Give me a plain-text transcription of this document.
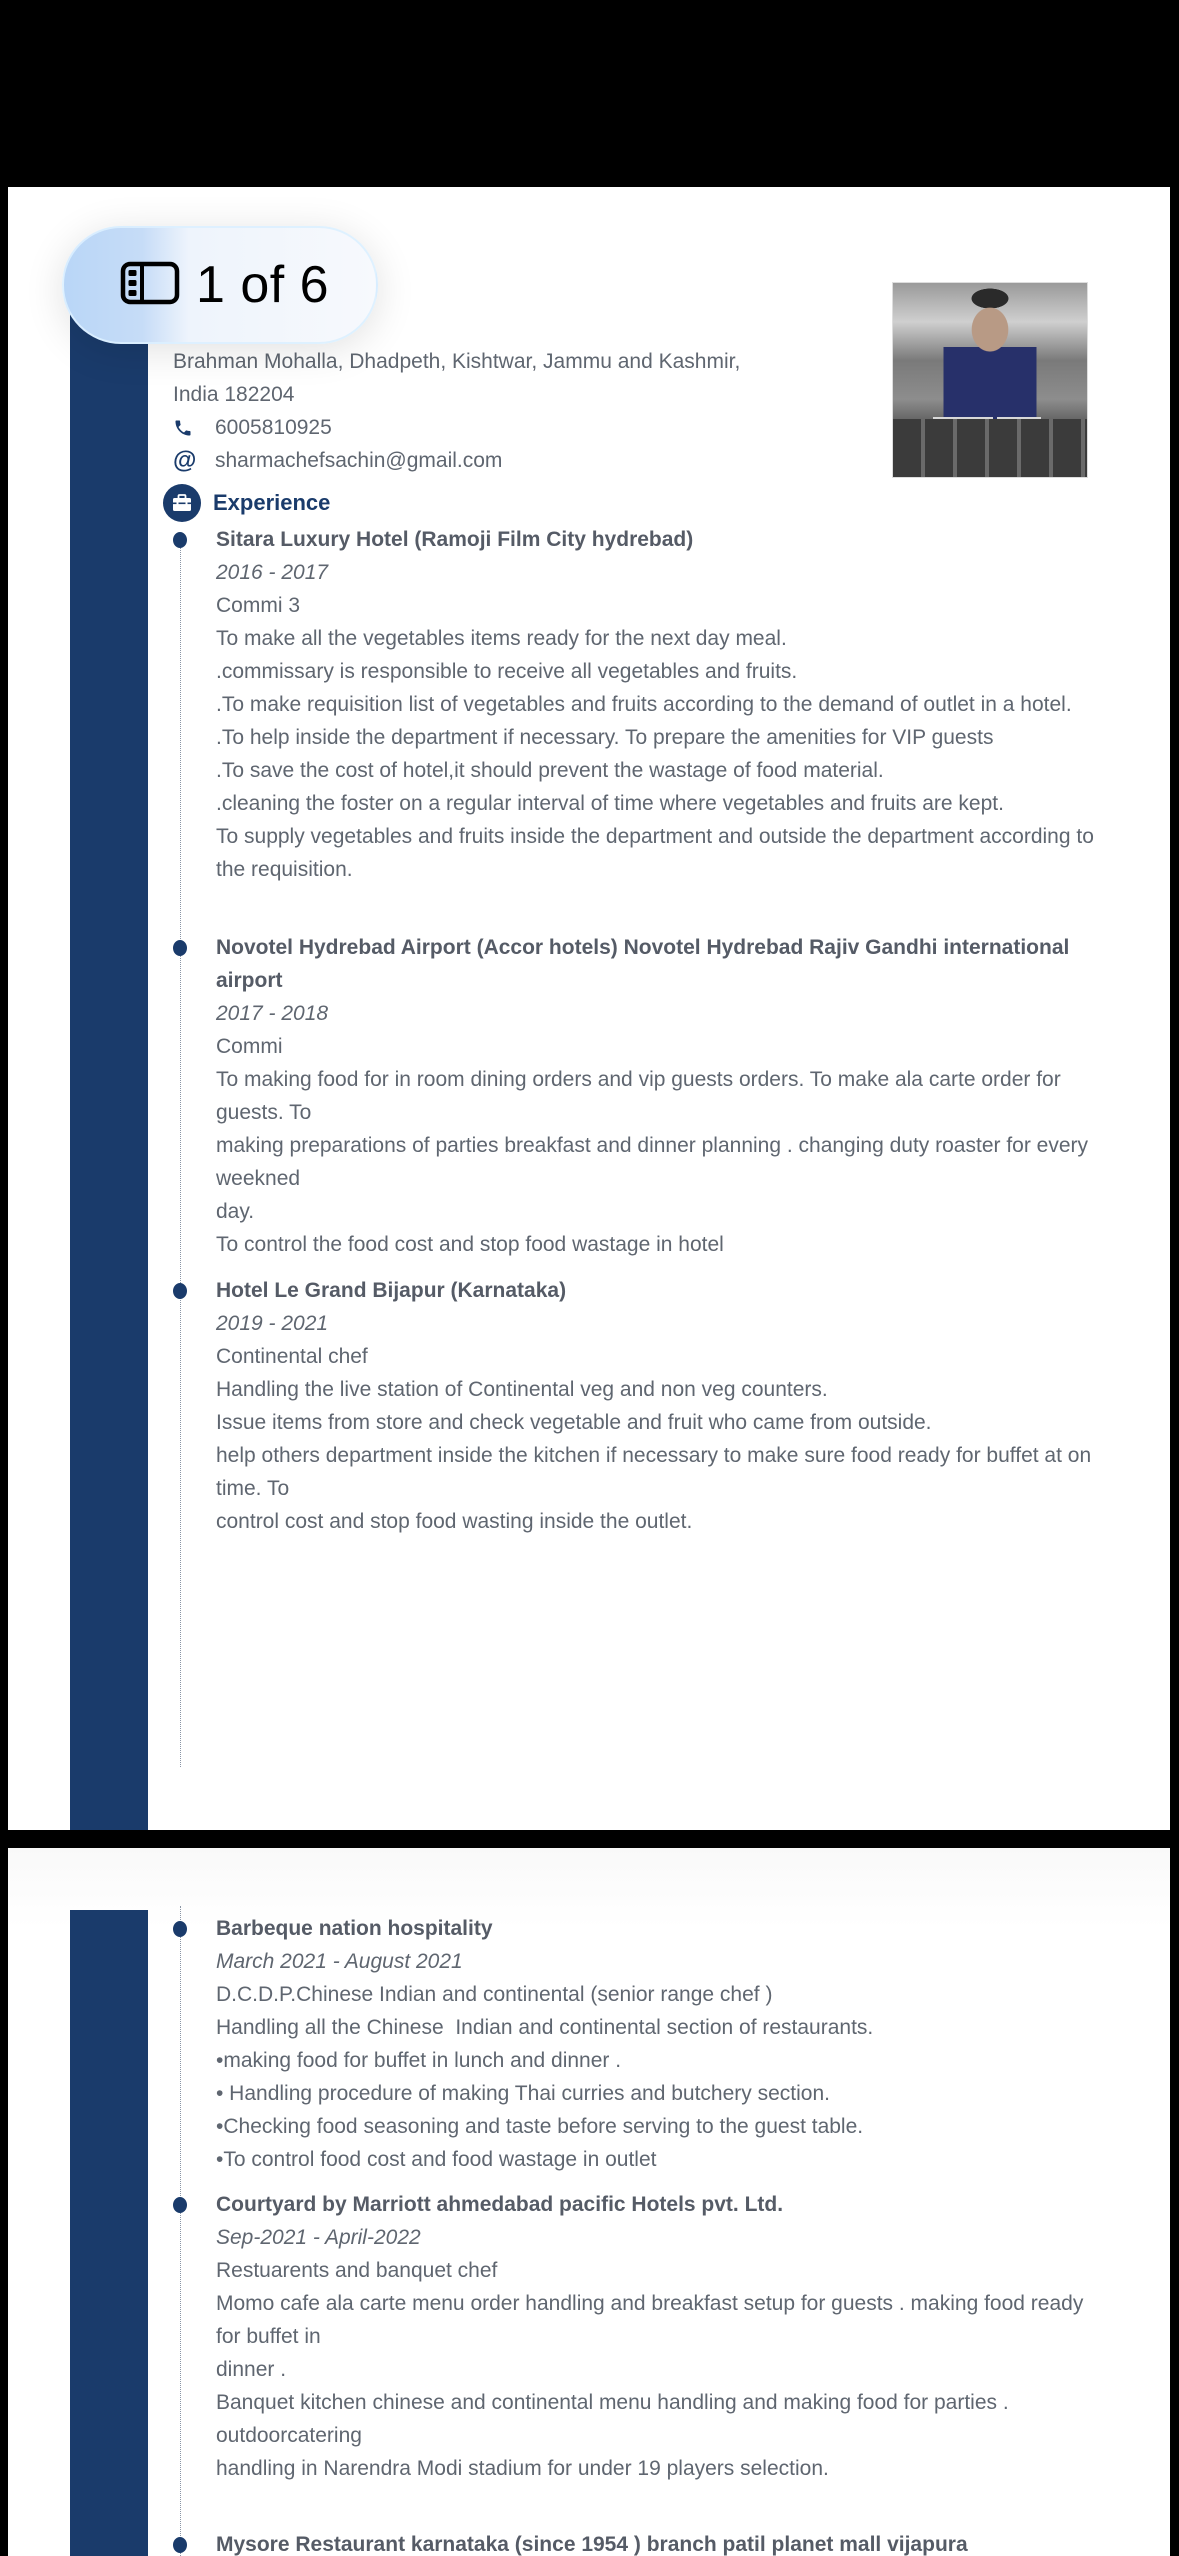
Brahman Mohalla, Dhadpeth, Kishtwar, Jammu and Kashmir,
India 182204
6005810925
@ sharmachefsachin@gmail.com
Experience
Sitara Luxury Hotel (Ramoji Film City hydrebad)
2016 - 2017
Commi 3
To make all the vegetables items ready for the next day meal.
.commissary is responsible to receive all vegetables and fruits.
.To make requisition list of vegetables and fruits according to the demand of outlet in a hotel.
.To help inside the department if necessary. To prepare the amenities for VIP guests
.To save the cost of hotel,it should prevent the wastage of food material.
.cleaning the foster on a regular interval of time where vegetables and fruits are kept.
To supply vegetables and fruits inside the department and outside the department according to the requisition.
Novotel Hydrebad Airport (Accor hotels) Novotel Hydrebad Rajiv Gandhi international airport
2017 - 2018
Commi
To making food for in room dining orders and vip guests orders. To make ala carte order for guests. To
making preparations of parties breakfast and dinner planning . changing duty roaster for every weekned
day.
To control the food cost and stop food wastage in hotel
Hotel Le Grand Bijapur (Karnataka)
2019 - 2021
Continental chef
Handling the live station of Continental veg and non veg counters.
Issue items from store and check vegetable and fruit who came from outside.
help others department inside the kitchen if necessary to make sure food ready for buffet at on time. To
control cost and stop food wasting inside the outlet.
Barbeque nation hospitality
March 2021 - August 2021
D.C.D.P.Chinese Indian and continental (senior range chef )
Handling all the Chinese  Indian and continental section of restaurants.
•making food for buffet in lunch and dinner .
• Handling procedure of making Thai curries and butchery section.
•Checking food seasoning and taste before serving to the guest table.
•To control food cost and food wastage in outlet
Courtyard by Marriott ahmedabad pacific Hotels pvt. Ltd.
Sep-2021 - April-2022
Restuarents and banquet chef
Momo cafe ala carte menu order handling and breakfast setup for guests . making food ready for buffet in
dinner .
Banquet kitchen chinese and continental menu handling and making food for parties . outdoorcatering
handling in Narendra Modi stadium for under 19 players selection.
Mysore Restaurant karnataka (since 1954 ) branch patil planet mall vijapura
1 of 6
